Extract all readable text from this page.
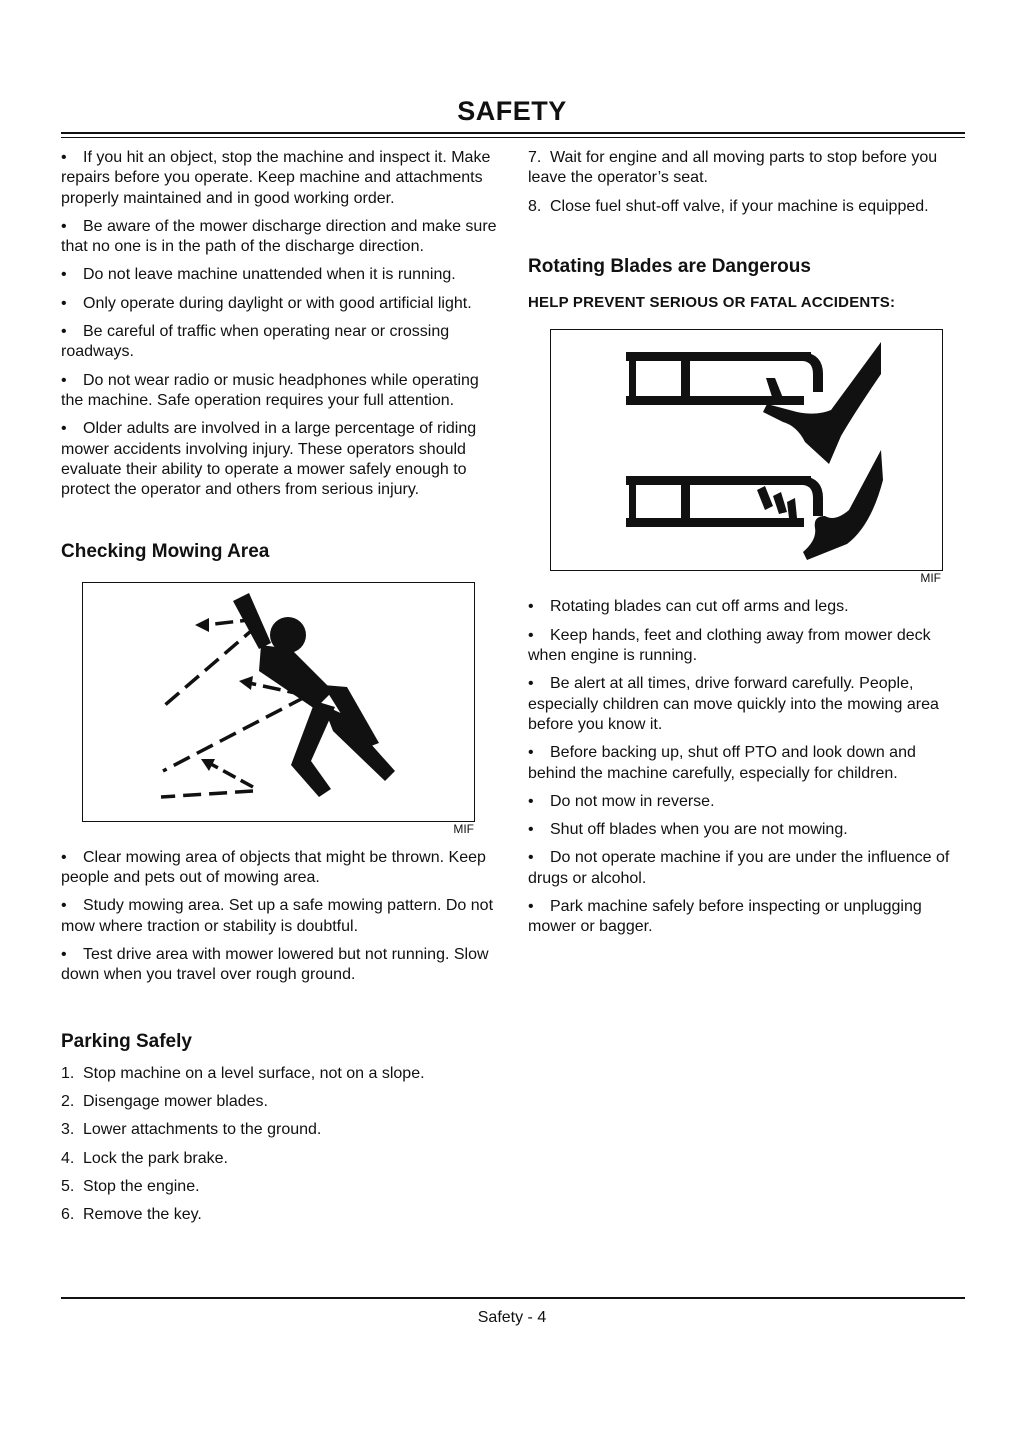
SAFETY

• If you hit an object, stop the machine and inspect it. Make repairs before you operate. Keep machine and attachments properly maintained and in good working order.

• Be aware of the mower discharge direction and make sure that no one is in the path of the discharge direction.

• Do not leave machine unattended when it is running.

• Only operate during daylight or with good artificial light.

• Be careful of traffic when operating near or crossing roadways.

• Do not wear radio or music headphones while operating the machine. Safe operation requires your full attention.

• Older adults are involved in a large percentage of riding mower accidents involving injury. These operators should evaluate their ability to operate a mower safely enough to protect the operator and others from serious injury.

Checking Mowing Area
MIF

• Clear mowing area of objects that might be thrown. Keep people and pets out of mowing area.

• Study mowing area. Set up a safe mowing pattern. Do not mow where traction or stability is doubtful.

• Test drive area with mower lowered but not running. Slow down when you travel over rough ground.

Parking Safely

1. Stop machine on a level surface, not on a slope.

2. Disengage mower blades.

3. Lower attachments to the ground.

4. Lock the park brake.

5. Stop the engine.

6. Remove the key.

7. Wait for engine and all moving parts to stop before you leave the operator’s seat.

8. Close fuel shut-off valve, if your machine is equipped.

Rotating Blades are Dangerous
HELP PREVENT SERIOUS OR FATAL ACCIDENTS:
MIF

• Rotating blades can cut off arms and legs.

• Keep hands, feet and clothing away from mower deck when engine is running.

• Be alert at all times, drive forward carefully. People, especially children can move quickly into the mowing area before you know it.

• Before backing up, shut off PTO and look down and behind the machine carefully, especially for children.

• Do not mow in reverse.

• Shut off blades when you are not mowing.

• Do not operate machine if you are under the influence of drugs or alcohol.

• Park machine safely before inspecting or unplugging mower or bagger.

Safety - 4
